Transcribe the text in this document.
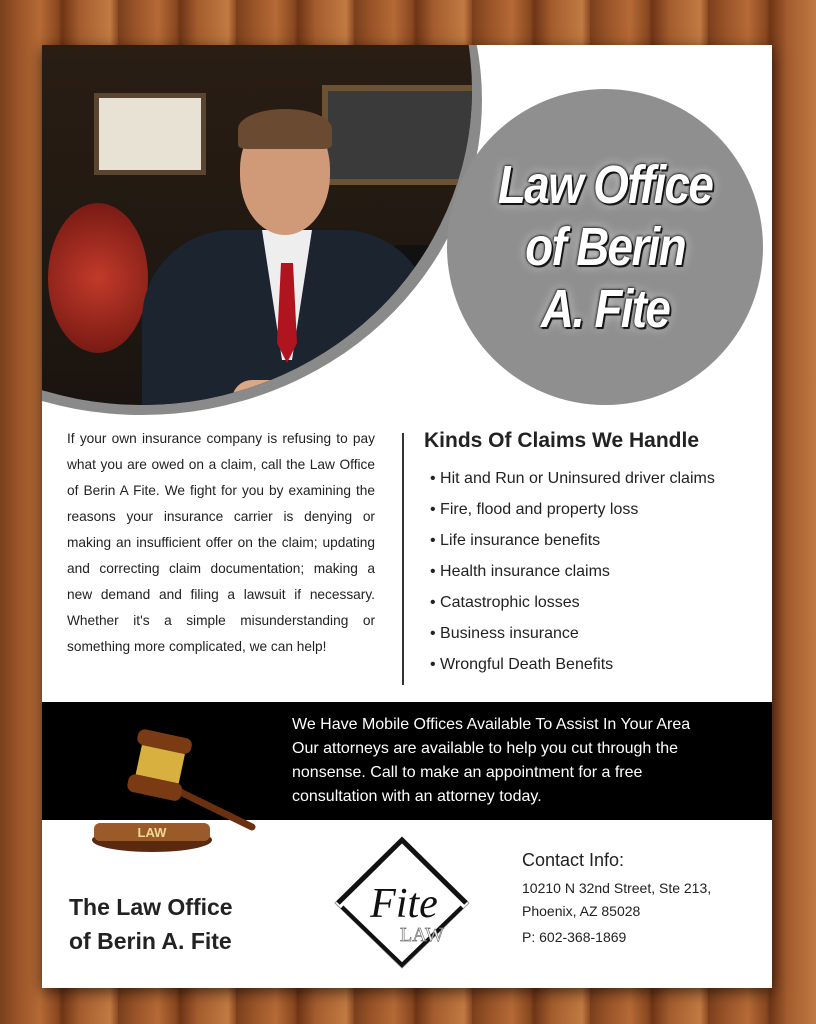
Law Office
of Berin
A. Fite

If your own insurance company is refusing to pay what you are owed on a claim, call the Law Office of Berin A Fite. We fight for you by examining the reasons your insurance carrier is denying or making an insufficient offer on the claim; updating and correcting claim documentation; making a new demand and filing a lawsuit if necessary. Whether it's a simple misunderstanding or something more complicated, we can help!

Kinds Of Claims We Handle
• Hit and Run or Uninsured driver claims
• Fire, flood and property loss
• Life insurance benefits
• Health insurance claims
• Catastrophic losses
• Business insurance
• Wrongful Death Benefits

We Have Mobile Offices Available To Assist In Your Area
Our attorneys are available to help you cut through the nonsense. Call to make an appointment for a free consultation with an attorney today.

LAW
The Law Office
of Berin A. Fite
Fite
LAW
Contact Info:

10210 N 32nd Street, Ste 213,

Phoenix, AZ 85028

P: 602-368-1869
